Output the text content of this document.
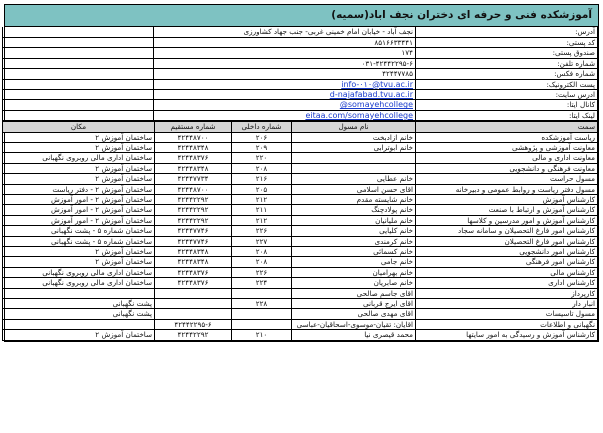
آموزشکده فنی و حرفه ای دختران نجف اباد(سمیه)
آدرس:	نجف آباد - خیابان امام خمینی غربی- جنب جهاد کشاورزی	
کد پستی:	۸۵۱۶۶۳۳۴۴۱	
صندوق پستی:	۱۷۴	
شماره تلفن:	۰۳۱-۴۲۴۴۲۲۹۵-۶	
شماره فکس:	۴۲۴۴۷۷۸۵	
پست الکترونیک:	info-۰۱۰@tvu.ac.ir	
ادرس سایت:	d-najafabad.tvu.ac.ir	
کانال ایتا:	@somayehcollege	
لینک ایتا:	eitaa.com/somayehcollege	
سمت	نام مسول	شماره داخلی	شماره مستقیم	مکان
ریاست آموزشکده	خانم ازادبخت	۲۰۶	۴۲۴۴۸۷۰۰	ساختمان آموزش ۲
معاونت آموزشی و پژوهشی	خانم ابوترابی	۲۰۹	۴۲۴۴۸۳۴۸	ساختمان آموزش ۲
معاونت اداری و مالی		۲۲۰	۴۲۴۴۸۳۷۶	ساختمان اداری مالی روبروی نگهبانی
معاونت فرهنگی و دانشجویی		۲۰۸	۴۲۴۴۸۳۴۸	ساختمان آموزش ۲
مسول حراست	خانم عطایی	۲۱۶	۴۲۴۴۷۷۳۴	ساختمان آموزش ۲
مسول دفتر ریاست و روابط عمومی و دبیرخانه	اقای حسن اسلامی	۲۰۵	۴۲۴۴۸۷۰۰	ساختمان آموزش ۲ - دفتر ریاست
کارشناس آموزش	خانم شایسته مقدم	۲۱۲	۴۲۴۴۲۲۹۲	ساختمان آموزش ۲ - امور آموزش
کارشناس آموزش و ارتباط با صنعت	خانم پولادچنگ	۲۱۱	۴۲۴۴۲۲۹۲	ساختمان آموزش ۲ - امور آموزش
کارشناس آموزش و امور مدرسین و کلاسها	خانم ملیانیان	۲۱۲	۴۲۴۴۲۲۹۲	ساختمان آموزش ۲ - امور آموزش
کارشناس امور فارغ التحصیلان و سامانه سجاد	خانم کلیایی	۲۲۶	۴۲۴۴۷۷۴۶	ساختمان شماره ۵ - پشت نگهبانی
کارشناس امور فارغ التحصیلان	خانم کرمندی	۲۲۷	۴۲۴۴۷۷۴۶	ساختمان شماره ۵ - پشت نگهبانی
کارشناس امور دانشجویی	خانم کسمائی	۲۰۸	۴۲۴۴۸۳۴۸	ساختمان آموزش ۲
کارشناس امور فرهنگی	خانم جامی	۲۰۸	۴۲۴۴۸۳۴۸	ساختمان آموزش ۲
کارشناس مالی	خانم بهرامیان	۲۲۶	۴۲۴۴۸۳۷۶	ساختمان اداری مالی روبروی نگهبانی
کارشناس اداری	خانم صابریان	۲۲۴	۴۲۴۴۸۳۷۶	ساختمان اداری مالی روبروی نگهبانی
کارپرداز	اقای جاسم صالحی			
انبار دار	اقای ایرج قربانی	۲۲۸		پشت نگهبانی
مسول تاسیسات	اقای مهدی صالحی			پشت نگهبانی
نگهبانی و اطلاعات	اقایان: تقیان-موسوی-اسحاقیان-عباسی		۴۲۴۴۲۲۹۵-۶	
کارشناس آموزش و رسیدگی به امور سایتها	محمد قیصری نیا	۲۱۰	۴۲۴۴۲۲۹۲	ساختمان آموزش ۲
